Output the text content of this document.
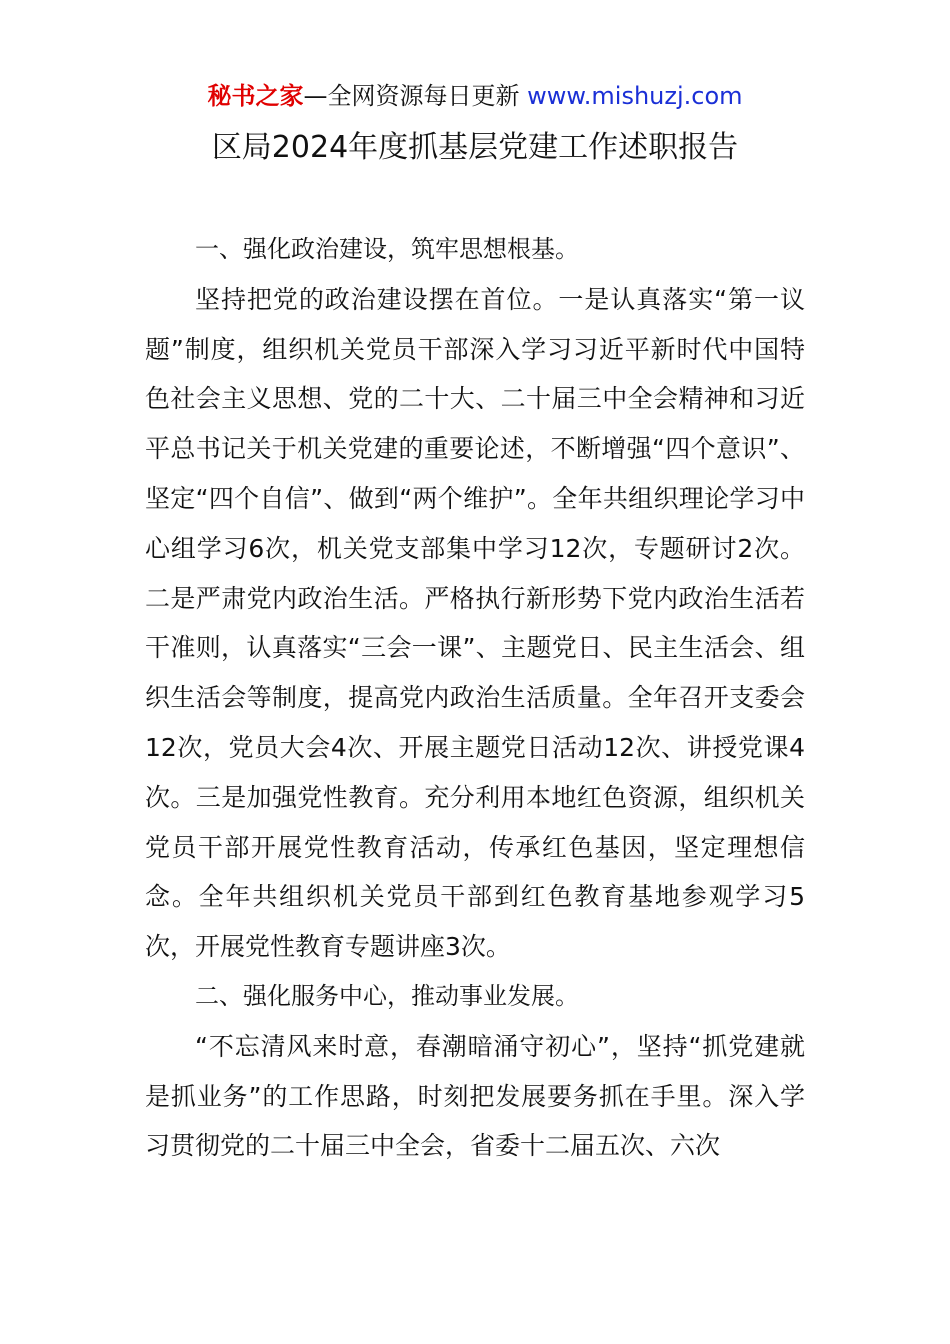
秘书之家—全网资源每日更新 www.mishuzj.com
区局2024年度抓基层党建工作述职报告

一、强化政治建设，筑牢思想根基。

坚持把党的政治建设摆在首位。一是认真落实“第一议题”制度，组织机关党员干部深入学习习近平新时代中国特色社会主义思想、党的二十大、二十届三中全会精神和习近平总书记关于机关党建的重要论述，不断增强“四个意识”、坚定“四个自信”、做到“两个维护”。全年共组织理论学习中心组学习6次，机关党支部集中学习12次，专题研讨2次。二是严肃党内政治生活。严格执行新形势下党内政治生活若干准则，认真落实“三会一课”、主题党日、民主生活会、组织生活会等制度，提高党内政治生活质量。全年召开支委会12次，党员大会4次、开展主题党日活动12次、讲授党课4次。三是加强党性教育。充分利用本地红色资源，组织机关党员干部开展党性教育活动，传承红色基因，坚定理想信念。全年共组织机关党员干部到红色教育基地参观学习5次，开展党性教育专题讲座3次。

二、强化服务中心，推动事业发展。

“不忘清风来时意，春潮暗涌守初心”，坚持“抓党建就是抓业务”的工作思路，时刻把发展要务抓在手里。深入学习贯彻党的二十届三中全会，省委十二届五次、六次
